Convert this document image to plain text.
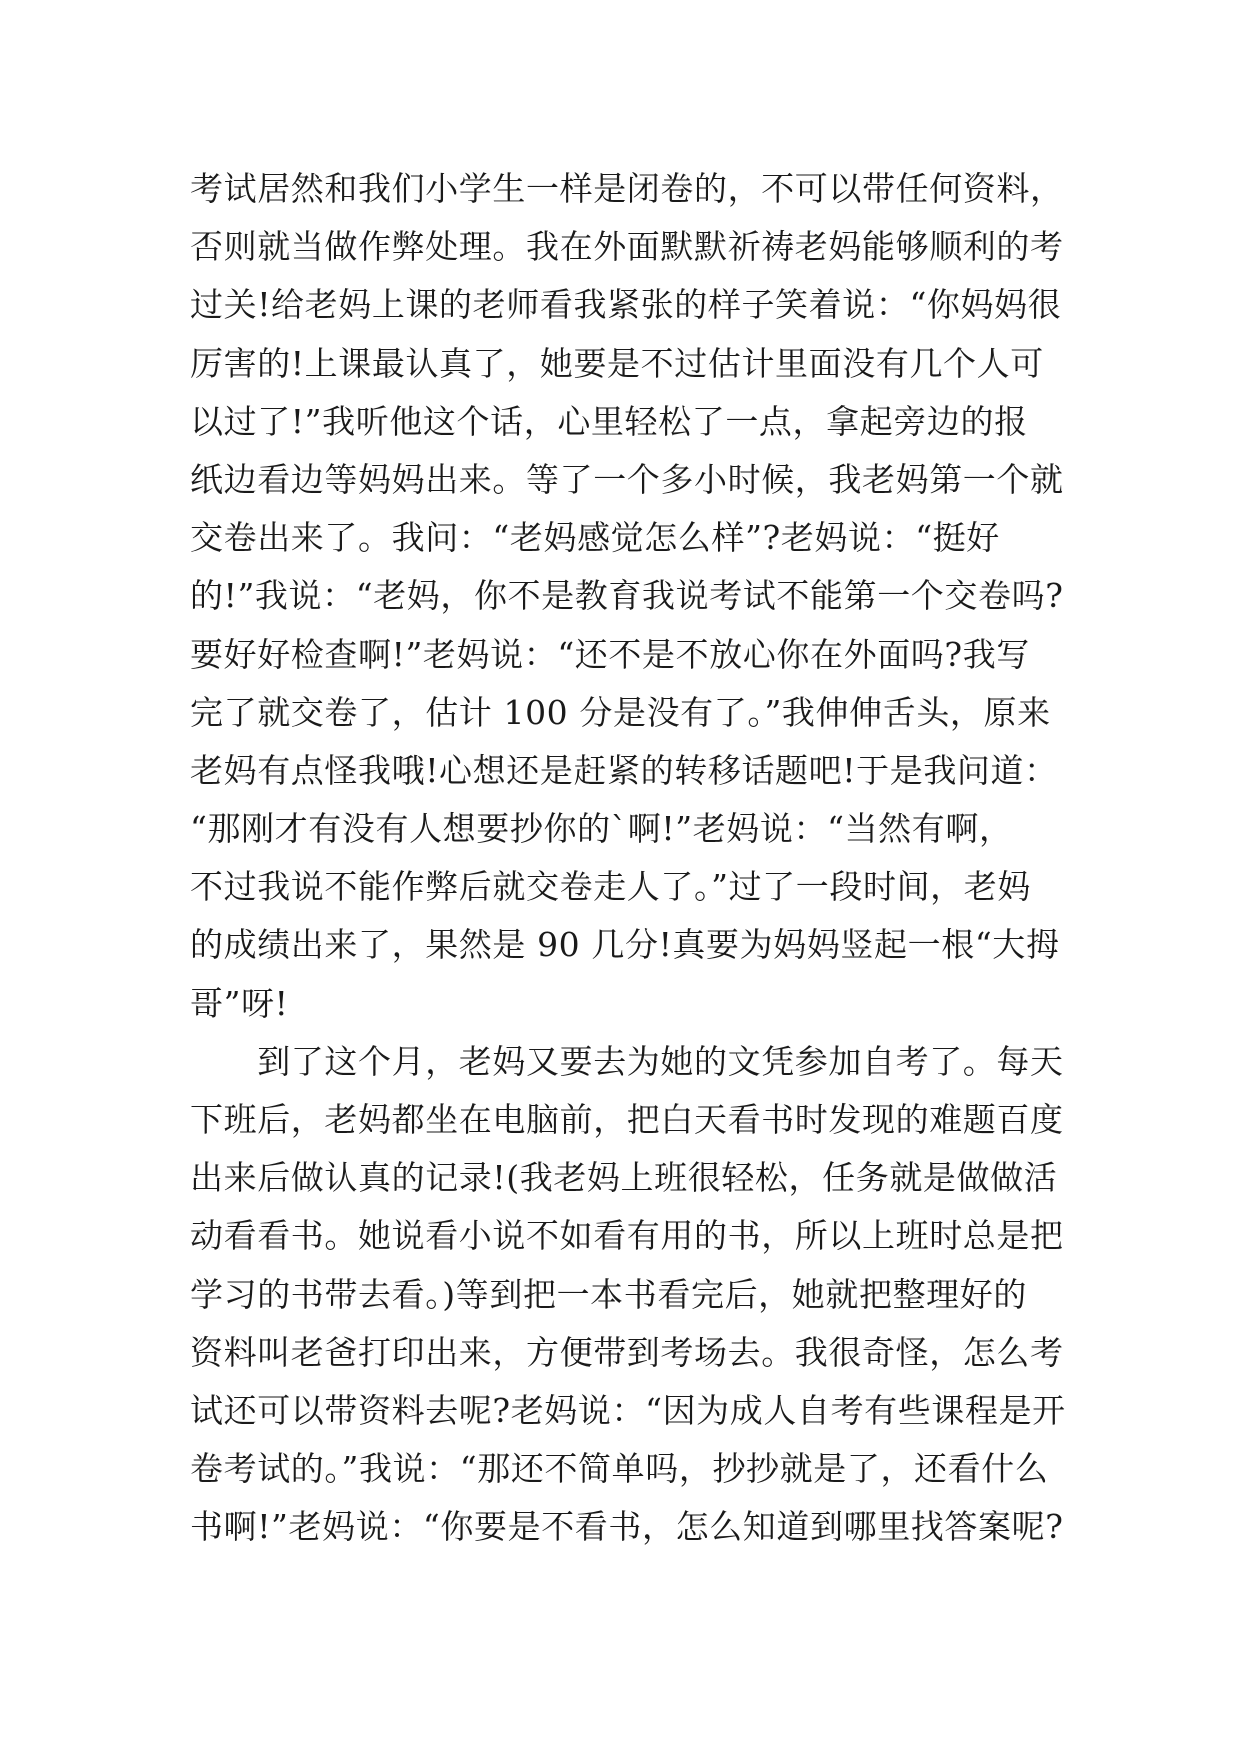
考试居然和我们小学生一样是闭卷的，不可以带任何资料，
否则就当做作弊处理。我在外面默默祈祷老妈能够顺利的考
过关!给老妈上课的老师看我紧张的样子笑着说：“你妈妈很
厉害的!上课最认真了，她要是不过估计里面没有几个人可
以过了!”我听他这个话，心里轻松了一点，拿起旁边的报
纸边看边等妈妈出来。等了一个多小时候，我老妈第一个就
交卷出来了。我问：“老妈感觉怎么样”?老妈说：“挺好
的!”我说：“老妈，你不是教育我说考试不能第一个交卷吗?
要好好检查啊!”老妈说：“还不是不放心你在外面吗?我写
完了就交卷了，估计 100 分是没有了。”我伸伸舌头，原来
老妈有点怪我哦!心想还是赶紧的转移话题吧!于是我问道：
“那刚才有没有人想要抄你的`啊!”老妈说：“当然有啊，
不过我说不能作弊后就交卷走人了。”过了一段时间，老妈
的成绩出来了，果然是 90 几分!真要为妈妈竖起一根“大拇
哥”呀!
　　到了这个月，老妈又要去为她的文凭参加自考了。每天
下班后，老妈都坐在电脑前，把白天看书时发现的难题百度
出来后做认真的记录!(我老妈上班很轻松，任务就是做做活
动看看书。她说看小说不如看有用的书，所以上班时总是把
学习的书带去看。)等到把一本书看完后，她就把整理好的
资料叫老爸打印出来，方便带到考场去。我很奇怪，怎么考
试还可以带资料去呢?老妈说：“因为成人自考有些课程是开
卷考试的。”我说：“那还不简单吗，抄抄就是了，还看什么
书啊!”老妈说：“你要是不看书，怎么知道到哪里找答案呢?
